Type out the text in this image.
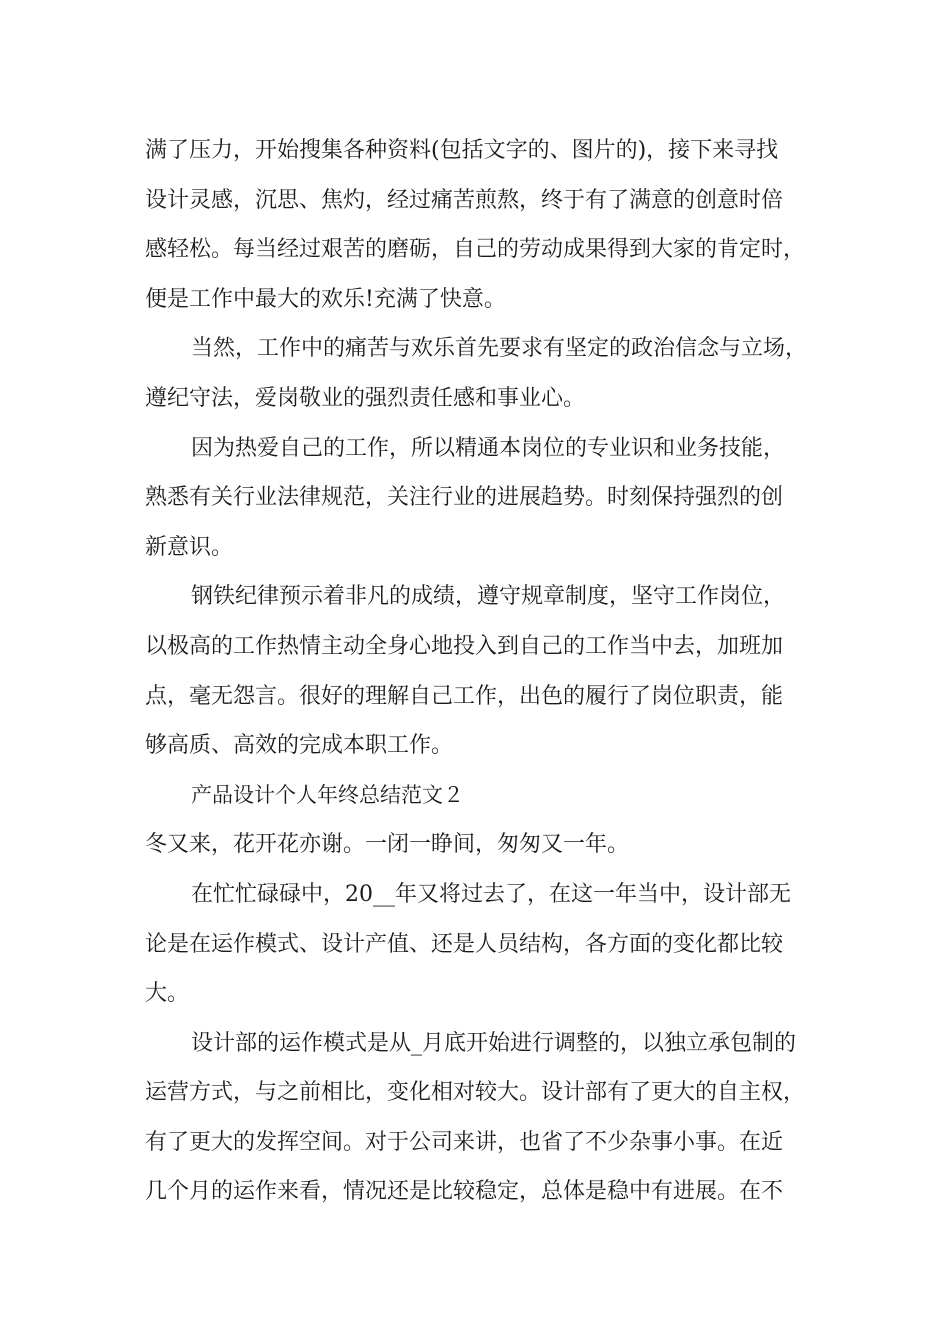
满了压力，开始搜集各种资料(包括文字的、图片的)，接下来寻找
设计灵感，沉思、焦灼，经过痛苦煎熬，终于有了满意的创意时倍
感轻松。每当经过艰苦的磨砺，自己的劳动成果得到大家的肯定时，
便是工作中最大的欢乐!充满了快意。
当然，工作中的痛苦与欢乐首先要求有坚定的政治信念与立场，
遵纪守法，爱岗敬业的强烈责任感和事业心。
因为热爱自己的工作，所以精通本岗位的专业识和业务技能，
熟悉有关行业法律规范，关注行业的进展趋势。时刻保持强烈的创
新意识。
钢铁纪律预示着非凡的成绩，遵守规章制度，坚守工作岗位，
以极高的工作热情主动全身心地投入到自己的工作当中去，加班加
点，毫无怨言。很好的理解自己工作，出色的履行了岗位职责，能
够高质、高效的完成本职工作。
产品设计个人年终总结范文２
冬又来，花开花亦谢。一闭一睁间，匆匆又一年。
在忙忙碌碌中，20__年又将过去了，在这一年当中，设计部无
论是在运作模式、设计产值、还是人员结构，各方面的变化都比较
大。
设计部的运作模式是从_月底开始进行调整的，以独立承包制的
运营方式，与之前相比，变化相对较大。设计部有了更大的自主权，
有了更大的发挥空间。对于公司来讲，也省了不少杂事小事。在近
几个月的运作来看，情况还是比较稳定，总体是稳中有进展。在不
